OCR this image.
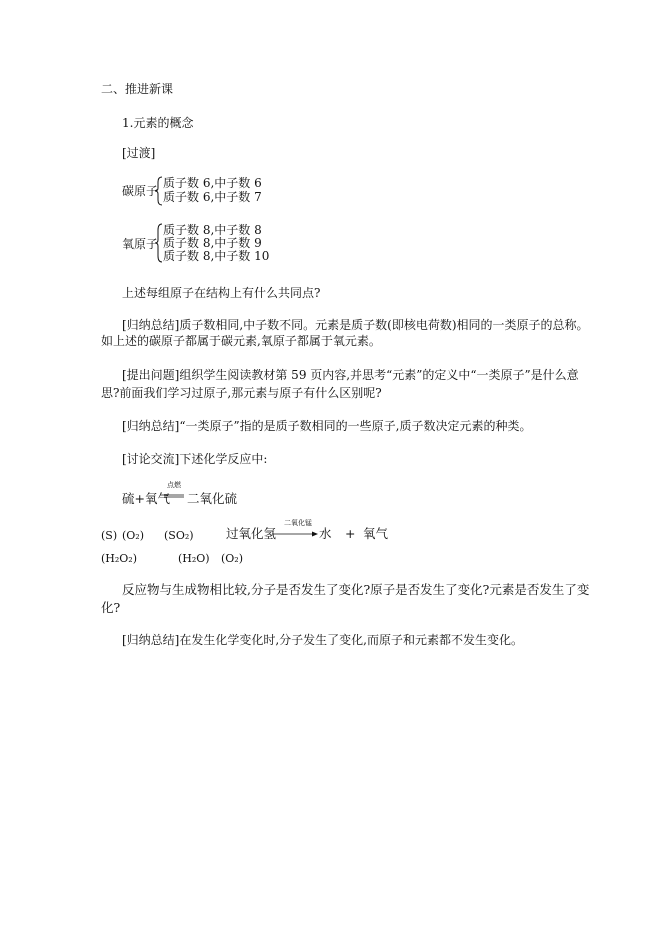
二、推进新课
1.元素的概念
[过渡]
碳原子
质子数 6,中子数 6
质子数 6,中子数 7
氧原子
质子数 8,中子数 8
质子数 8,中子数 9
质子数 8,中子数 10
上述每组原子在结构上有什么共同点?
[归纳总结]质子数相同,中子数不同。元素是质子数(即核电荷数)相同的一类原子的总称。
如上述的碳原子都属于碳元素,氧原子都属于氧元素。
[提出问题]组织学生阅读教材第 59 页内容,并思考“元素”的定义中“一类原子”是什么意
思?前面我们学习过原子,那元素与原子有什么区别呢?
[归纳总结]“一类原子”指的是质子数相同的一些原子,质子数决定元素的种类。
[讨论交流]下述化学反应中:
硫+氧气
点燃
二氧化硫
(S) (O₂) (SO₂)	过氧化氢
二氧化锰
→ 水 + 氧气
(H₂O₂)	(H₂O) (O₂)
反应物与生成物相比较,分子是否发生了变化?原子是否发生了变化?元素是否发生了变
化?
[归纳总结]在发生化学变化时,分子发生了变化,而原子和元素都不发生变化。
